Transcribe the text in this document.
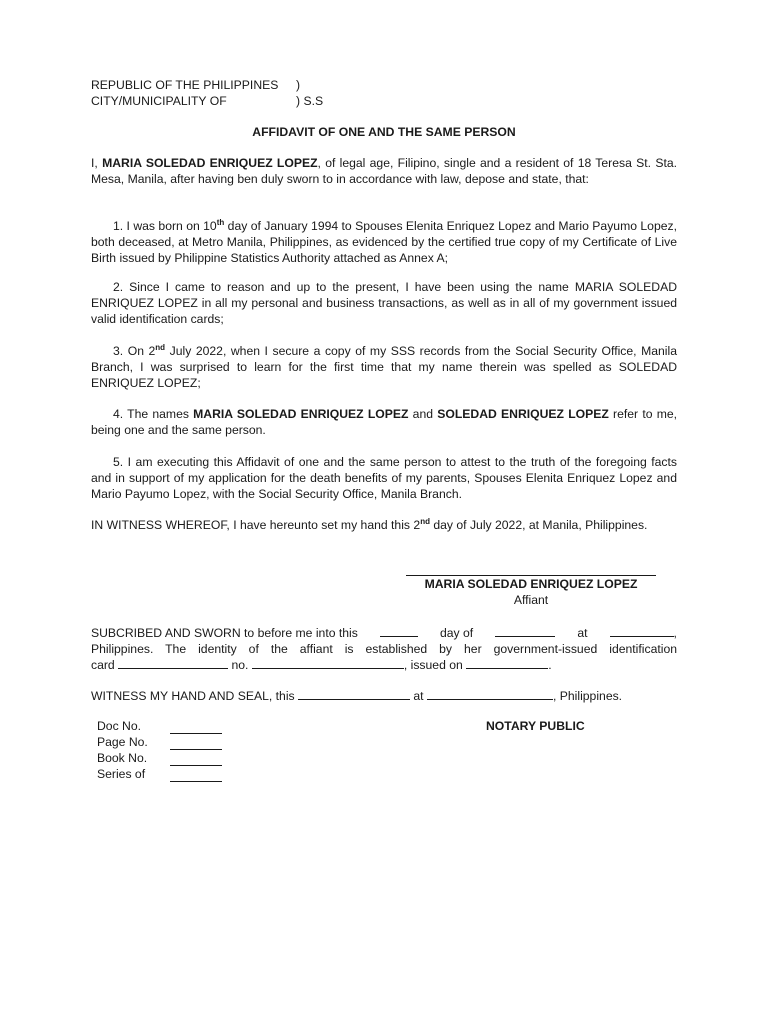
REPUBLIC OF THE PHILIPPINES )
CITY/MUNICIPALITY OF	) S.S
AFFIDAVIT OF ONE AND THE SAME PERSON

I, MARIA SOLEDAD ENRIQUEZ LOPEZ, of legal age, Filipino, single and a resident of 18 Teresa St. Sta. Mesa, Manila, after having ben duly sworn to in accordance with law, depose and state, that:

1. I was born on 10th day of January 1994 to Spouses Elenita Enriquez Lopez and Mario Payumo Lopez, both deceased, at Metro Manila, Philippines, as evidenced by the certified true copy of my Certificate of Live Birth issued by Philippine Statistics Authority attached as Annex A;

2. Since I came to reason and up to the present, I have been using the name MARIA SOLEDAD ENRIQUEZ LOPEZ in all my personal and business transactions, as well as in all of my government issued valid identification cards;

3. On 2nd July 2022, when I secure a copy of my SSS records from the Social Security Office, Manila Branch, I was surprised to learn for the first time that my name therein was spelled as SOLEDAD ENRIQUEZ LOPEZ;

4. The names MARIA SOLEDAD ENRIQUEZ LOPEZ and SOLEDAD ENRIQUEZ LOPEZ refer to me, being one and the same person.

5. I am executing this Affidavit of one and the same person to attest to the truth of the foregoing facts and in support of my application for the death benefits of my parents, Spouses Elenita Enriquez Lopez and Mario Payumo Lopez, with the Social Security Office, Manila Branch.

IN WITNESS WHEREOF, I have hereunto set my hand this 2nd day of July 2022, at Manila, Philippines.

MARIA SOLEDAD ENRIQUEZ LOPEZ
Affiant
SUBCRIBED AND SWORN to before me into this	day of	at	,
Philippines. The identity of the affiant is established by her government-issued identification
card	no.	, issued on	.
WITNESS MY HAND AND SEAL, this	at	, Philippines.
Doc No.
Page No.
Book No.
Series of
NOTARY PUBLIC
